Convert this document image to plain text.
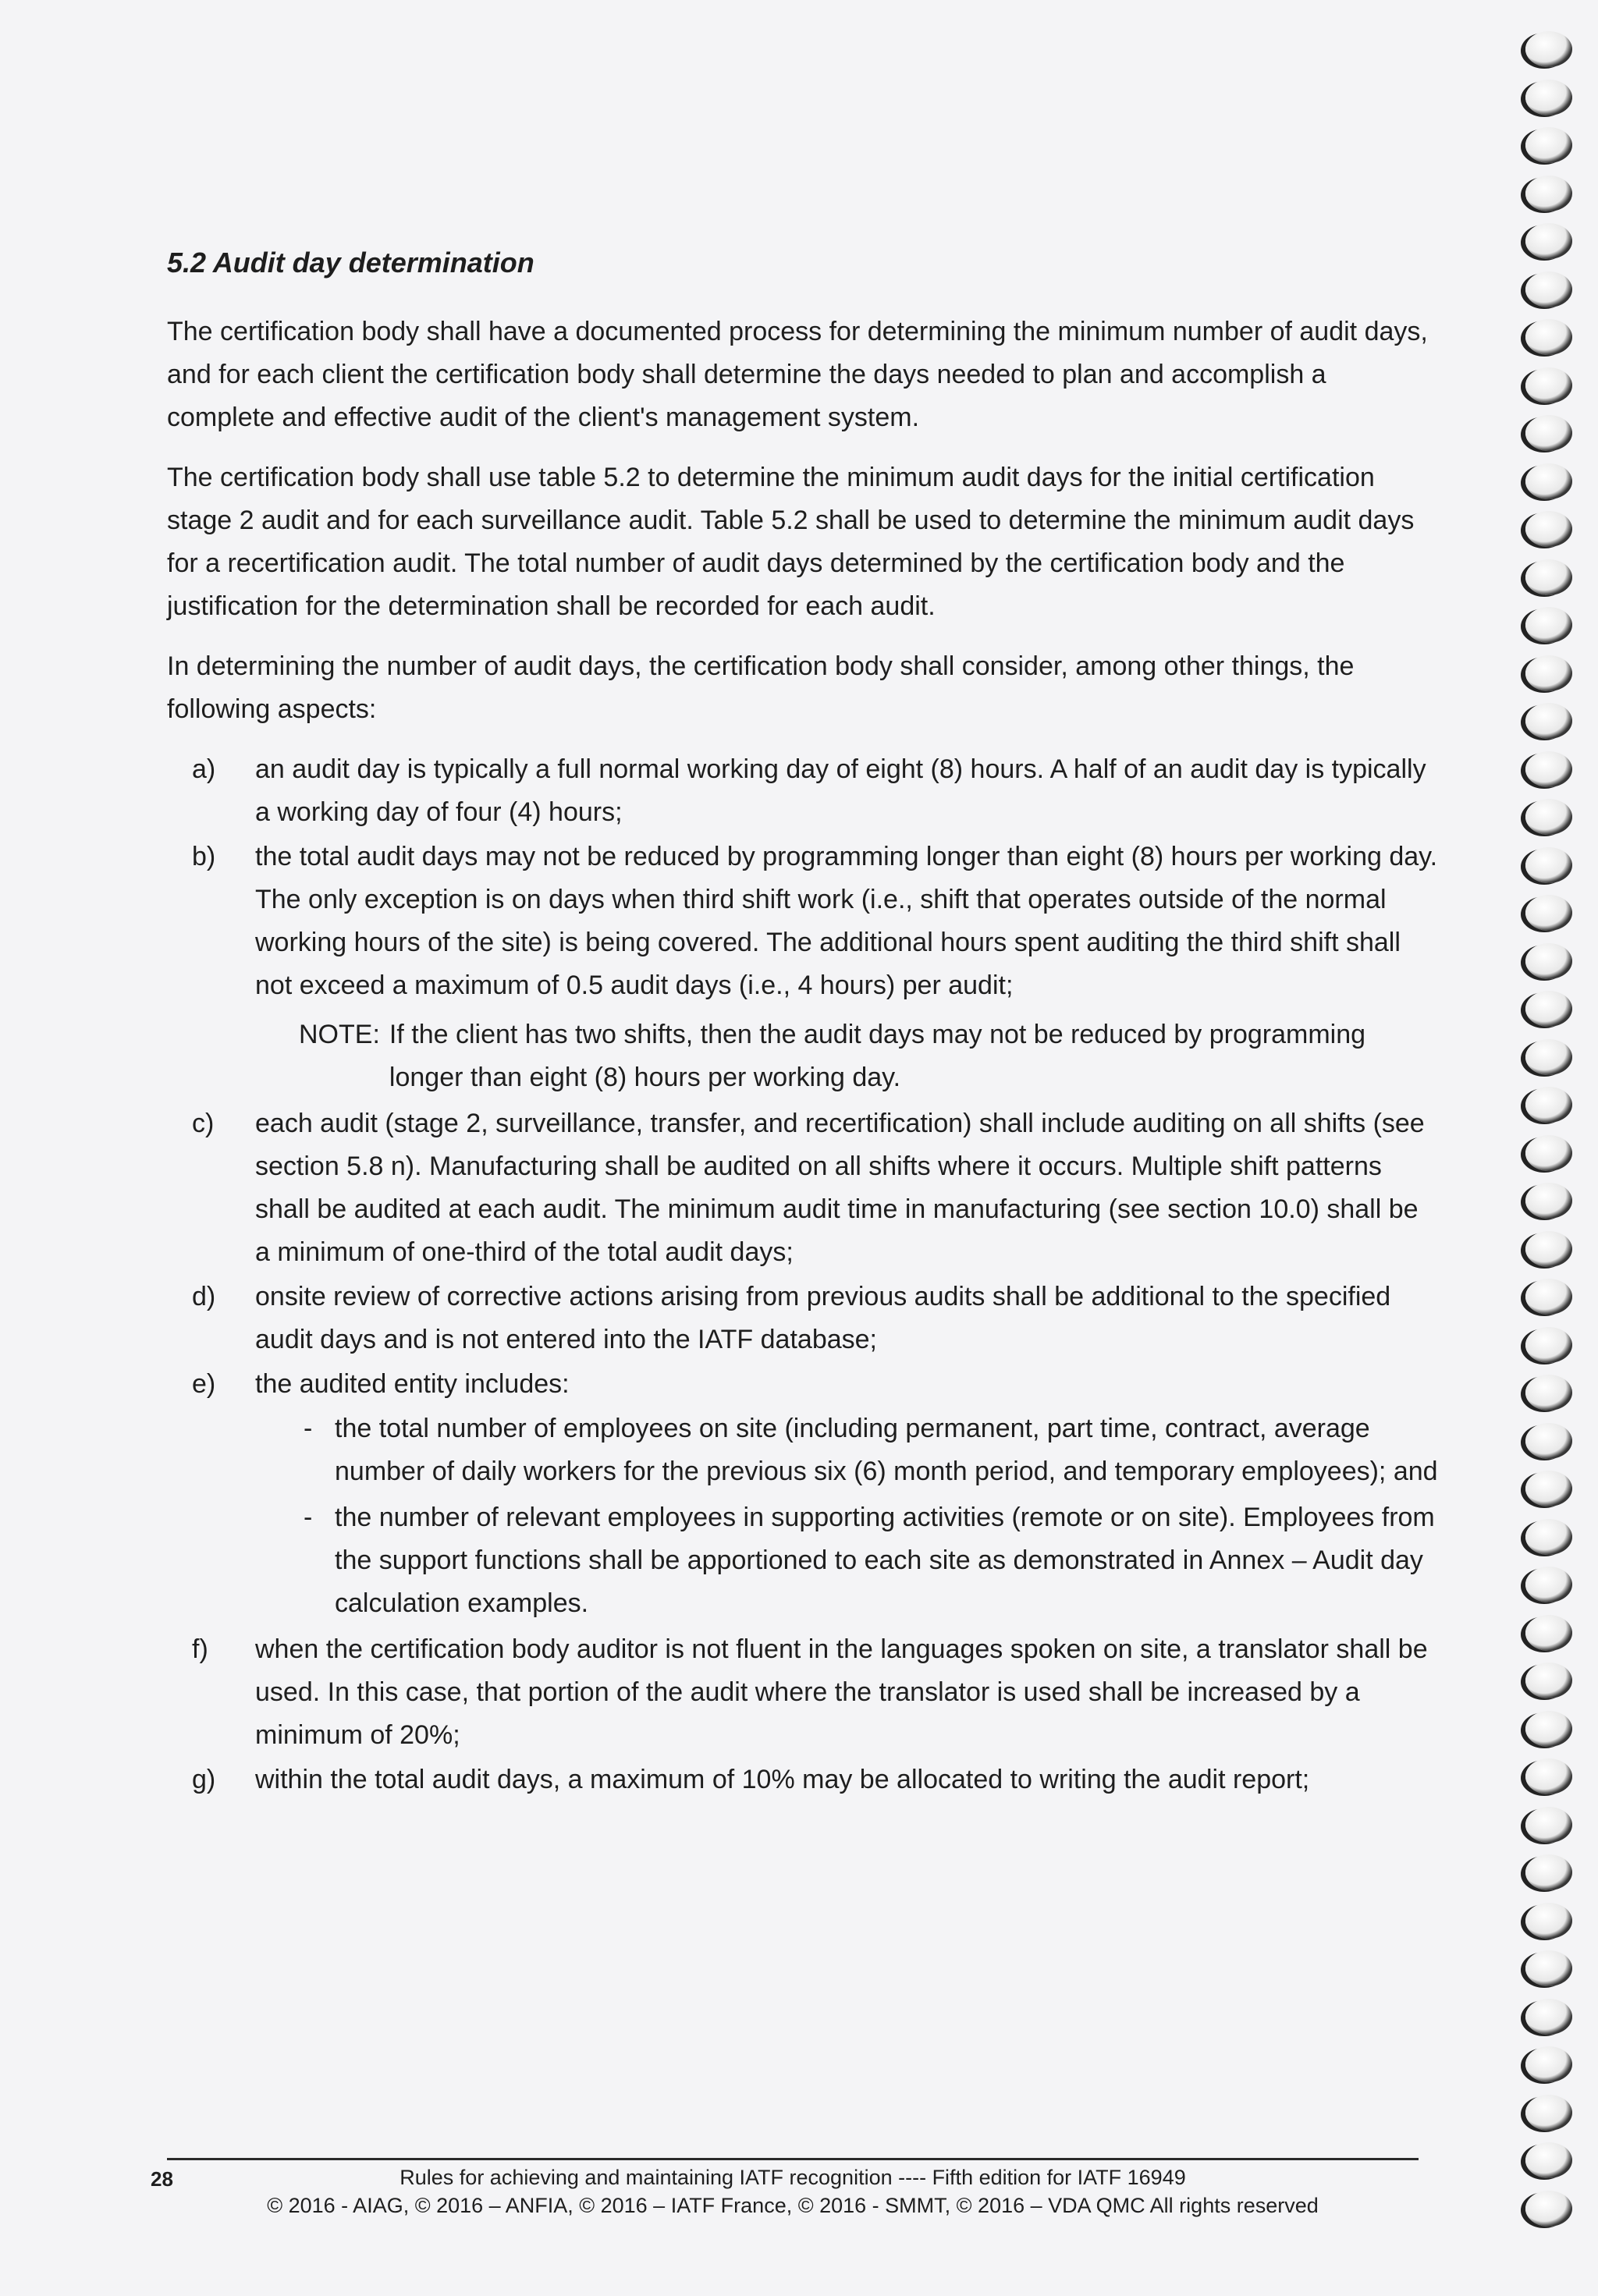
5.2 Audit day determination

The certification body shall have a documented process for determining the minimum number of audit days, and for each client the certification body shall determine the days needed to plan and accomplish a complete and effective audit of the client's management system.

The certification body shall use table 5.2 to determine the minimum audit days for the initial certification stage 2 audit and for each surveillance audit. Table 5.2 shall be used to determine the minimum audit days for a recertification audit. The total number of audit days determined by the certification body and the justification for the determination shall be recorded for each audit.

In determining the number of audit days, the certification body shall consider, among other things, the following aspects:

a)	an audit day is typically a full normal working day of eight (8) hours. A half of an audit day is typically a working day of four (4) hours;
b)	the total audit days may not be reduced by programming longer than eight (8) hours per working day. The only exception is on days when third shift work (i.e., shift that operates outside of the normal working hours of the site) is being covered. The additional hours spent auditing the third shift shall not exceed a maximum of 0.5 audit days (i.e., 4 hours) per audit;
NOTE: If the client has two shifts, then the audit days may not be reduced by programming longer than eight (8) hours per working day.
c)	each audit (stage 2, surveillance, transfer, and recertification) shall include auditing on all shifts (see section 5.8 n). Manufacturing shall be audited on all shifts where it occurs. Multiple shift patterns shall be audited at each audit. The minimum audit time in manufacturing (see section 10.0) shall be a minimum of one-third of the total audit days;
d)	onsite review of corrective actions arising from previous audits shall be additional to the specified audit days and is not entered into the IATF database;
e)	the audited entity includes:
- the total number of employees on site (including permanent, part time, contract, average number of daily workers for the previous six (6) month period, and temporary employees); and
- the number of relevant employees in supporting activities (remote or on site). Employees from the support functions shall be apportioned to each site as demonstrated in Annex – Audit day calculation examples.
f)	when the certification body auditor is not fluent in the languages spoken on site, a translator shall be used. In this case, that portion of the audit where the translator is used shall be increased by a minimum of 20%;
g)	within the total audit days, a maximum of 10% may be allocated to writing the audit report;
28	Rules for achieving and maintaining IATF recognition ---- Fifth edition for IATF 16949
© 2016 - AIAG, © 2016 – ANFIA, © 2016 – IATF France, © 2016 - SMMT, © 2016 – VDA QMC All rights reserved
